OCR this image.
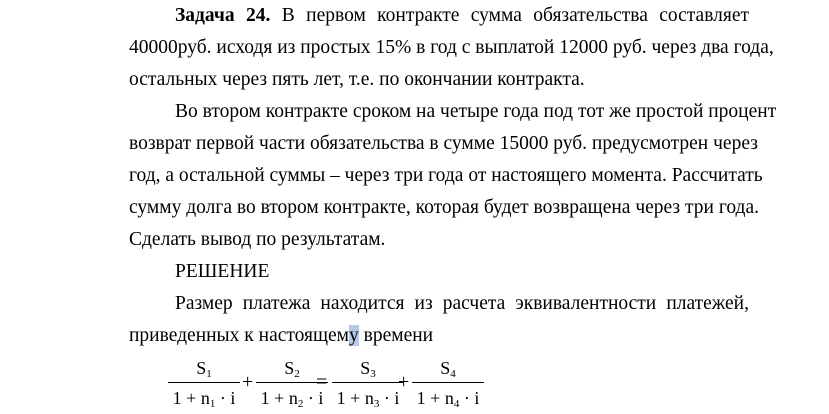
Задача 24. В первом контракте сумма обязательства составляет
40000руб. исходя из простых 15% в год с выплатой 12000 руб. через два года,
остальных через пять лет, т.е. по окончании контракта.
Во втором контракте сроком на четыре года под тот же простой процент
возврат первой части обязательства в сумме 15000 руб. предусмотрен через
год, а остальной суммы – через три года от настоящего момента. Рассчитать
сумму долга во втором контракте, которая будет возвращена через три года.
Сделать вывод по результатам.
РЕШЕНИЕ
Размер платежа находится из расчета эквивалентности платежей,
приведенных к настоящему времени
$S_1$
$1 + n_1 \cdot i$
+
$S_2$
$1 + n_2 \cdot i$
=
$S_3$
$1 + n_3 \cdot i$
+
$S_4$
$1 + n_4 \cdot i$
